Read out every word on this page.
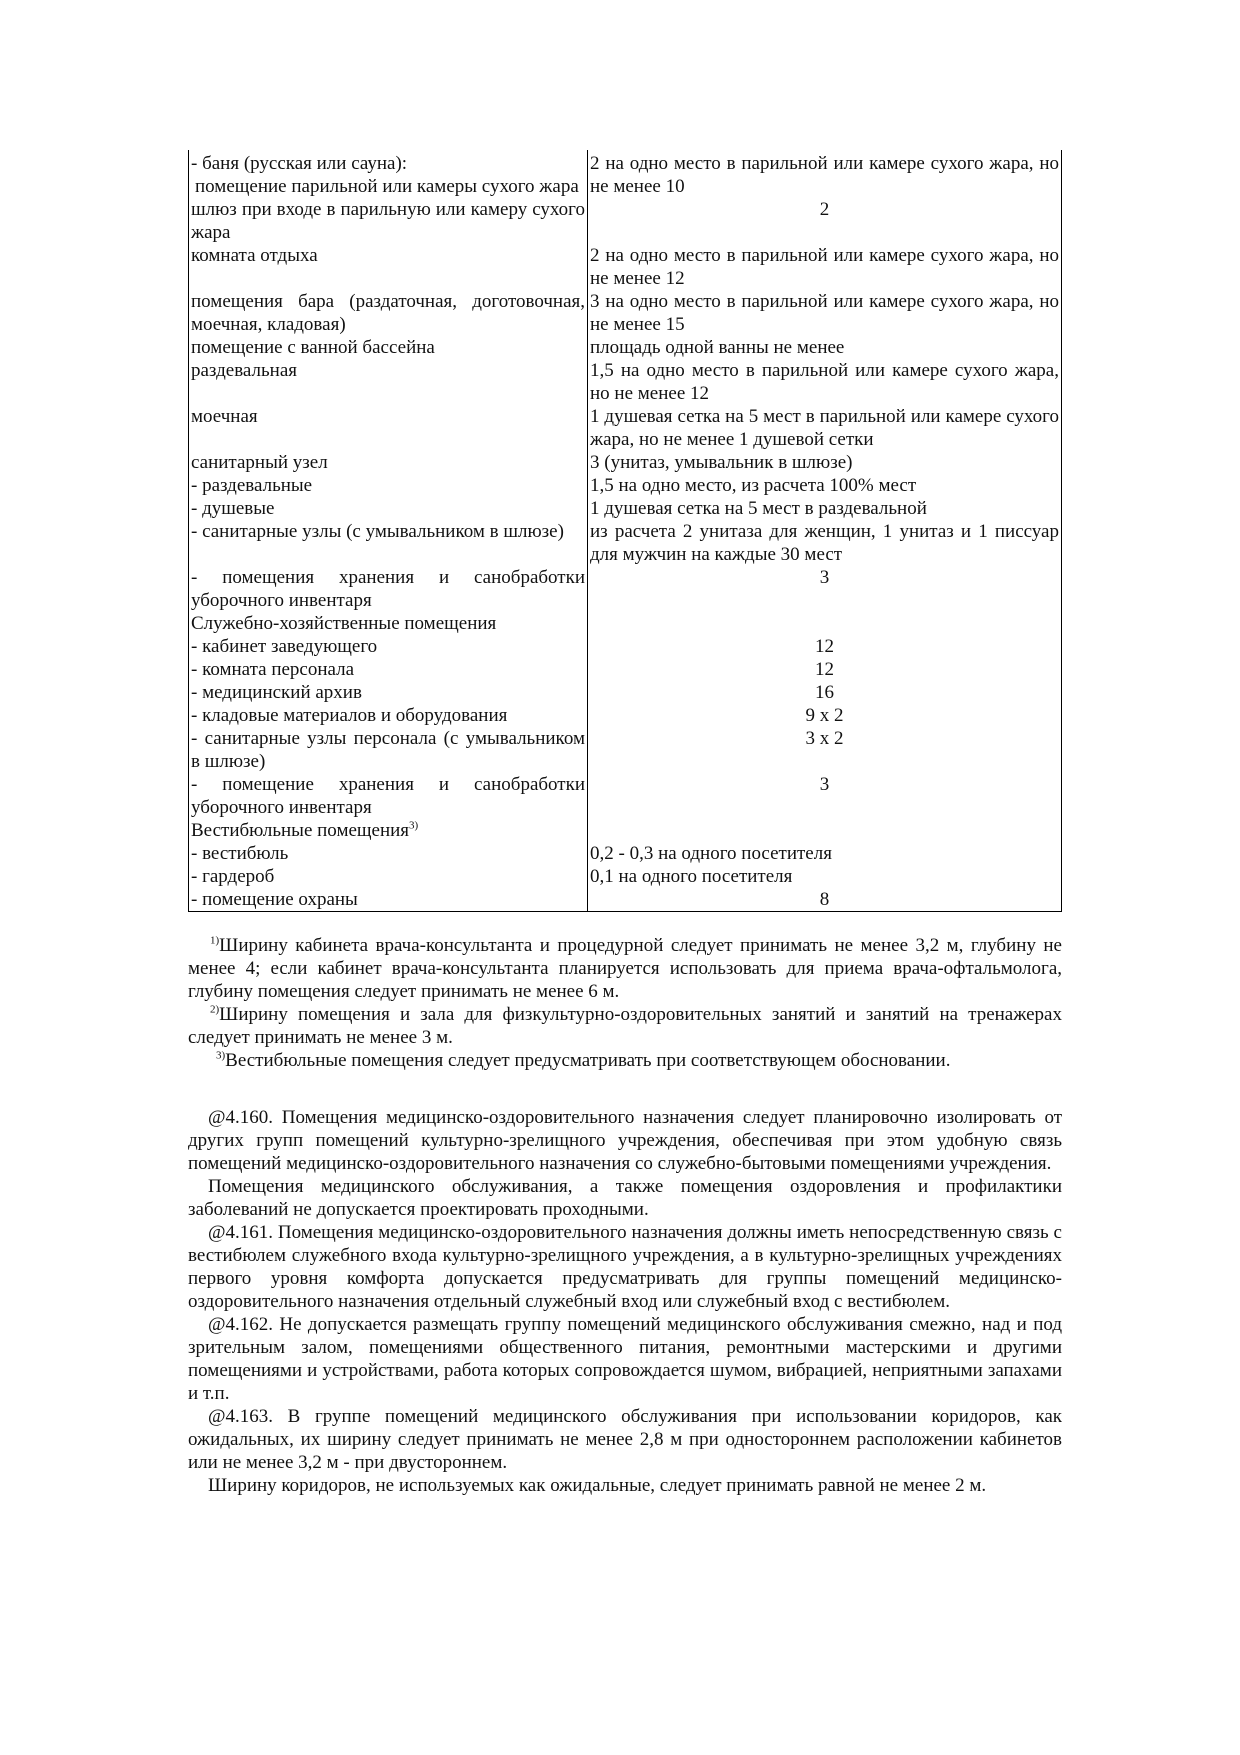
- баня (русская или сауна):
помещение парильной или камеры сухого жара	2 на одно место в парильной или камере сухого жара, но не менее 10
шлюз при входе в парильную или камеру сухого жара	2
комната отдыха	2 на одно место в парильной или камере сухого жара, но не менее 12
помещения бара (раздаточная, доготовочная, моечная, кладовая)	3 на одно место в парильной или камере сухого жара, но не менее 15
помещение с ванной бассейна	площадь одной ванны не менее
раздевальная	1,5 на одно место в парильной или камере сухого жара, но не менее 12
моечная	1 душевая сетка на 5 мест в парильной или камере сухого жара, но не менее 1 душевой сетки
санитарный узел	3 (унитаз, умывальник в шлюзе)
- раздевальные	1,5 на одно место, из расчета 100% мест
- душевые	1 душевая сетка на 5 мест в раздевальной
- санитарные узлы (с умывальником в шлюзе)	из расчета 2 унитаза для женщин, 1 унитаз и 1 писсуар для мужчин на каждые 30 мест
- помещения хранения и санобработки уборочного инвентаря	3
Служебно-хозяйственные помещения	
- кабинет заведующего	12
- комната персонала	12
- медицинский архив	16
- кладовые материалов и оборудования	9 х 2
- санитарные узлы персонала (с умывальником в шлюзе)	3 х 2
- помещение хранения и санобработки уборочного инвентаря	3
Вестибюльные помещения$^{3)}$	
- вестибюль	0,2 - 0,3 на одного посетителя
- гардероб	0,1 на одного посетителя
- помещение охраны	8

$^{1)}$Ширину кабинета врача-консультанта и процедурной следует принимать не менее 3,2 м, глубину не менее 4; если кабинет врача-консультанта планируется использовать для приема врача-офтальмолога, глубину помещения следует принимать не менее 6 м.

$^{2)}$Ширину помещения и зала для физкультурно-оздоровительных занятий и занятий на тренажерах следует принимать не менее 3 м.

$^{3)}$Вестибюльные помещения следует предусматривать при соответствующем обосновании.

@4.160. Помещения медицинско-оздоровительного назначения следует планировочно изолировать от других групп помещений культурно-зрелищного учреждения, обеспечивая при этом удобную связь помещений медицинско-оздоровительного назначения со служебно-бытовыми помещениями учреждения.

Помещения медицинского обслуживания, а также помещения оздоровления и профилактики заболеваний не допускается проектировать проходными.

@4.161. Помещения медицинско-оздоровительного назначения должны иметь непосредственную связь с вестибюлем служебного входа культурно-зрелищного учреждения, а в культурно-зрелищных учреждениях первого уровня комфорта допускается предусматривать для группы помещений медицинско-оздоровительного назначения отдельный служебный вход или служебный вход с вестибюлем.

@4.162. Не допускается размещать группу помещений медицинского обслуживания смежно, над и под зрительным залом, помещениями общественного питания, ремонтными мастерскими и другими помещениями и устройствами, работа которых сопровождается шумом, вибрацией, неприятными запахами и т.п.

@4.163. В группе помещений медицинского обслуживания при использовании коридоров, как ожидальных, их ширину следует принимать не менее 2,8 м при одностороннем расположении кабинетов или не менее 3,2 м - при двустороннем.

Ширину коридоров, не используемых как ожидальные, следует принимать равной не менее 2 м.
